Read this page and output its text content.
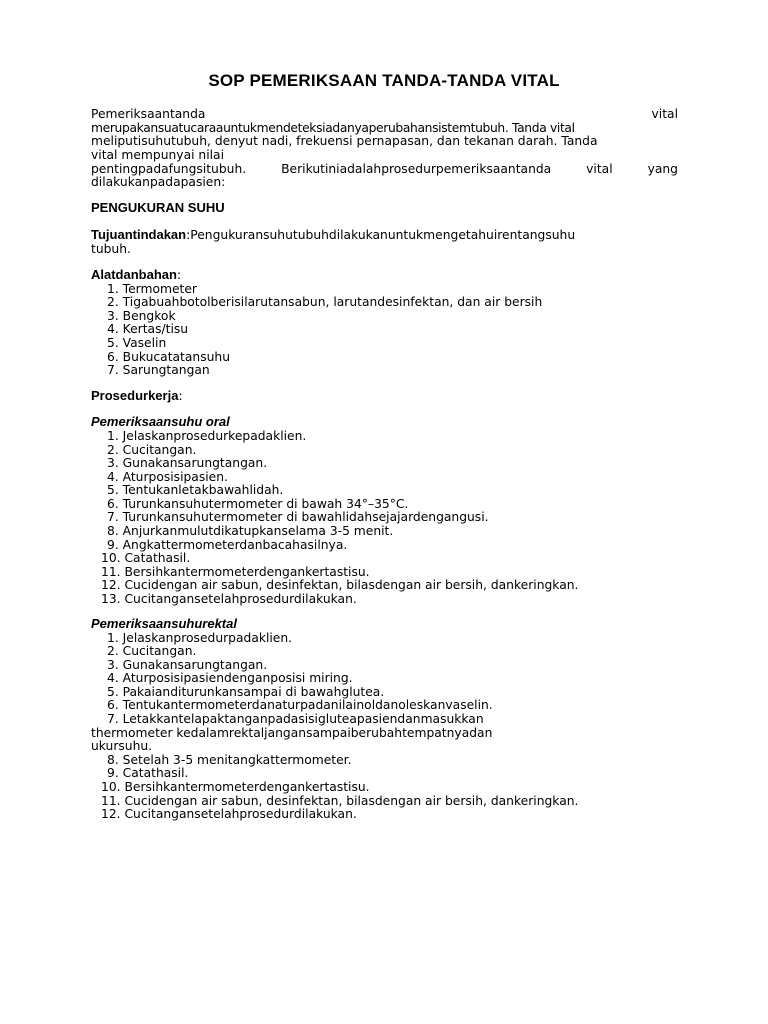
SOP PEMERIKSAAN TANDA-TANDA VITAL
Pemeriksaantanda	vital
merupakansuatucaraauntukmendeteksiadanyaperubahansistemtubuh. Tanda vital
meliputisuhutubuh, denyut nadi, frekuensi pernapasan, dan tekanan darah. Tanda
vital mempunyai nilai
pentingpadafungsitubuh.	Berikutiniadalahprosedurpemeriksaantanda	vital	yang
dilakukanpadapasien:
PENGUKURAN SUHU
Tujuantindakan:Pengukuransuhutubuhdilakukanuntukmengetahuirentangsuhu
tubuh.
Alatdanbahan:
1. Termometer
2. Tigabuahbotolberisilarutansabun, larutandesinfektan, dan air bersih
3. Bengkok
4. Kertas/tisu
5. Vaselin
6. Bukucatatansuhu
7. Sarungtangan
Prosedurkerja:
Pemeriksaansuhu oral
1. Jelaskanprosedurkepadaklien.
2. Cucitangan.
3. Gunakansarungtangan.
4. Aturposisipasien.
5. Tentukanletakbawahlidah.
6. Turunkansuhutermometer di bawah 34°–35°C.
7. Turunkansuhutermometer di bawahlidahsejajardengangusi.
8. Anjurkanmulutdikatupkanselama 3-5 menit.
9. Angkattermometerdanbacahasilnya.
10. Catathasil.
11. Bersihkantermometerdengankertastisu.
12. Cucidengan air sabun, desinfektan, bilasdengan air bersih, dankeringkan.
13. Cucitangansetelahprosedurdilakukan.
Pemeriksaansuhurektal
1. Jelaskanprosedurpadaklien.
2. Cucitangan.
3. Gunakansarungtangan.
4. Aturposisipasiendenganposisi miring.
5. Pakaianditurunkansampai di bawahglutea.
6. Tentukantermometerdanaturpadanilainoldanoleskanvaselin.
7. Letakkantelapaktanganpadasisigluteapasiendanmasukkan
thermometer kedalamrektaljangansampaiberubahtempatnyadan
ukursuhu.
8. Setelah 3-5 menitangkattermometer.
9. Catathasil.
10. Bersihkantermometerdengankertastisu.
11. Cucidengan air sabun, desinfektan, bilasdengan air bersih, dankeringkan.
12. Cucitangansetelahprosedurdilakukan.
